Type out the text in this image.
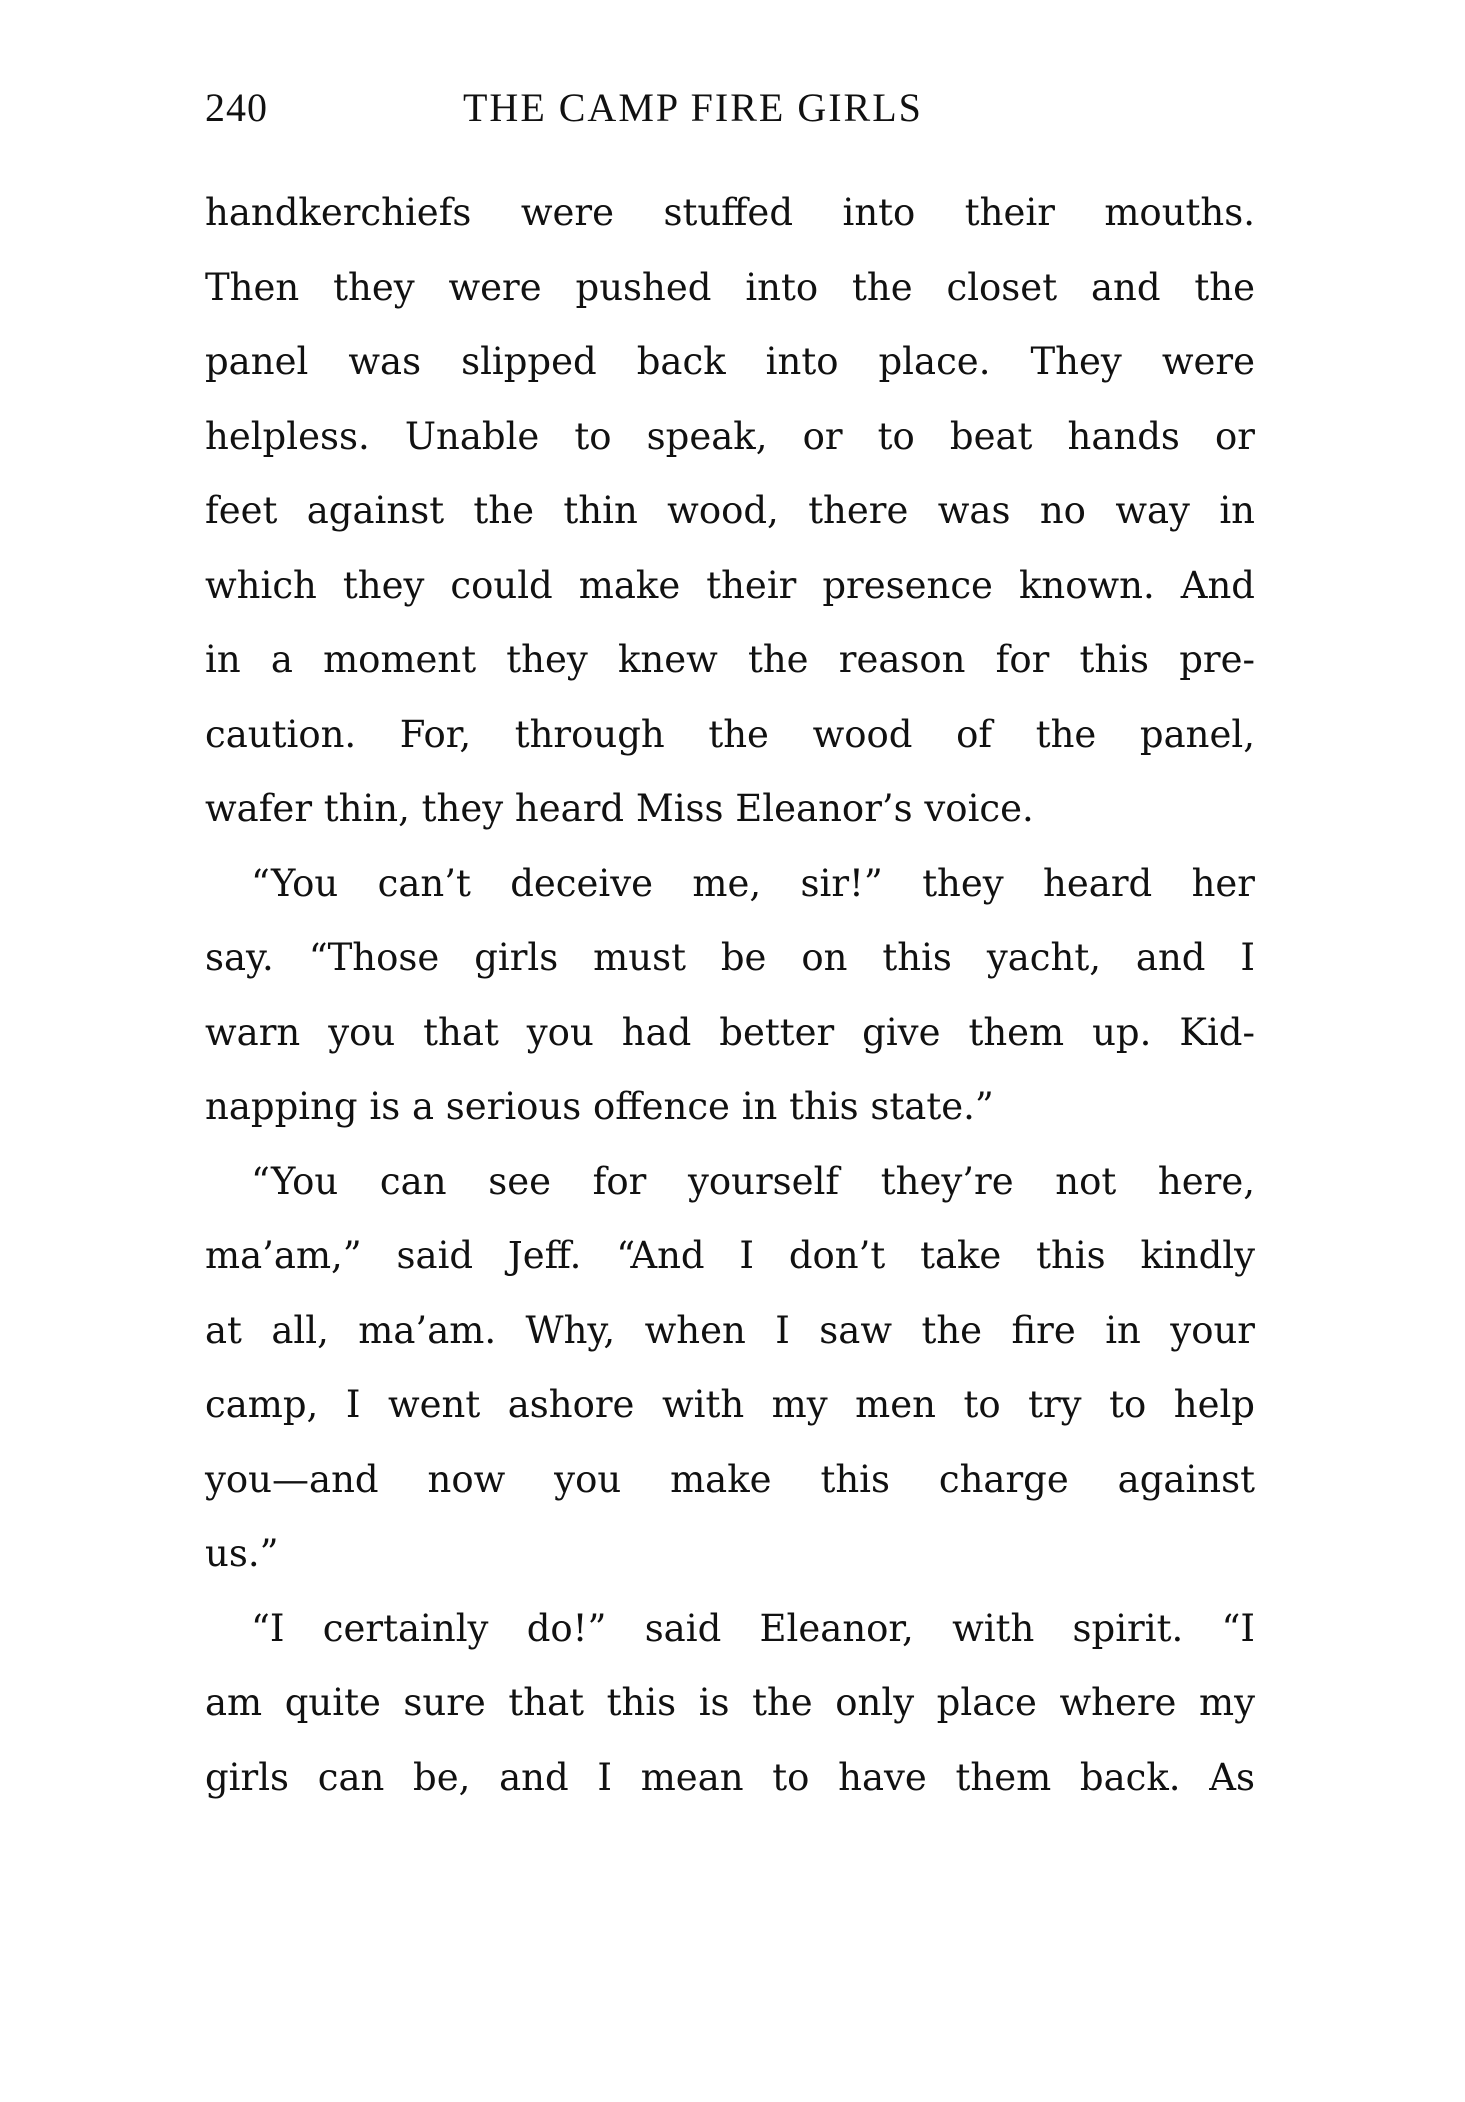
240	THE CAMP FIRE GIRLS
handkerchiefs were stuffed into their mouths.
Then they were pushed into the closet and the
panel was slipped back into place. They were
helpless. Unable to speak, or to beat hands or
feet against the thin wood, there was no way in
which they could make their presence known. And
in a moment they knew the reason for this pre-
caution. For, through the wood of the panel,
wafer thin, they heard Miss Eleanor’s voice.
“You can’t deceive me, sir!” they heard her
say. “Those girls must be on this yacht, and I
warn you that you had better give them up. Kid-
napping is a serious offence in this state.”
“You can see for yourself they’re not here,
ma’am,” said Jeff. “And I don’t take this kindly
at all, ma’am. Why, when I saw the fire in your
camp, I went ashore with my men to try to help
you—and now you make this charge against
us.”
“I certainly do!” said Eleanor, with spirit. “I
am quite sure that this is the only place where my
girls can be, and I mean to have them back. As
